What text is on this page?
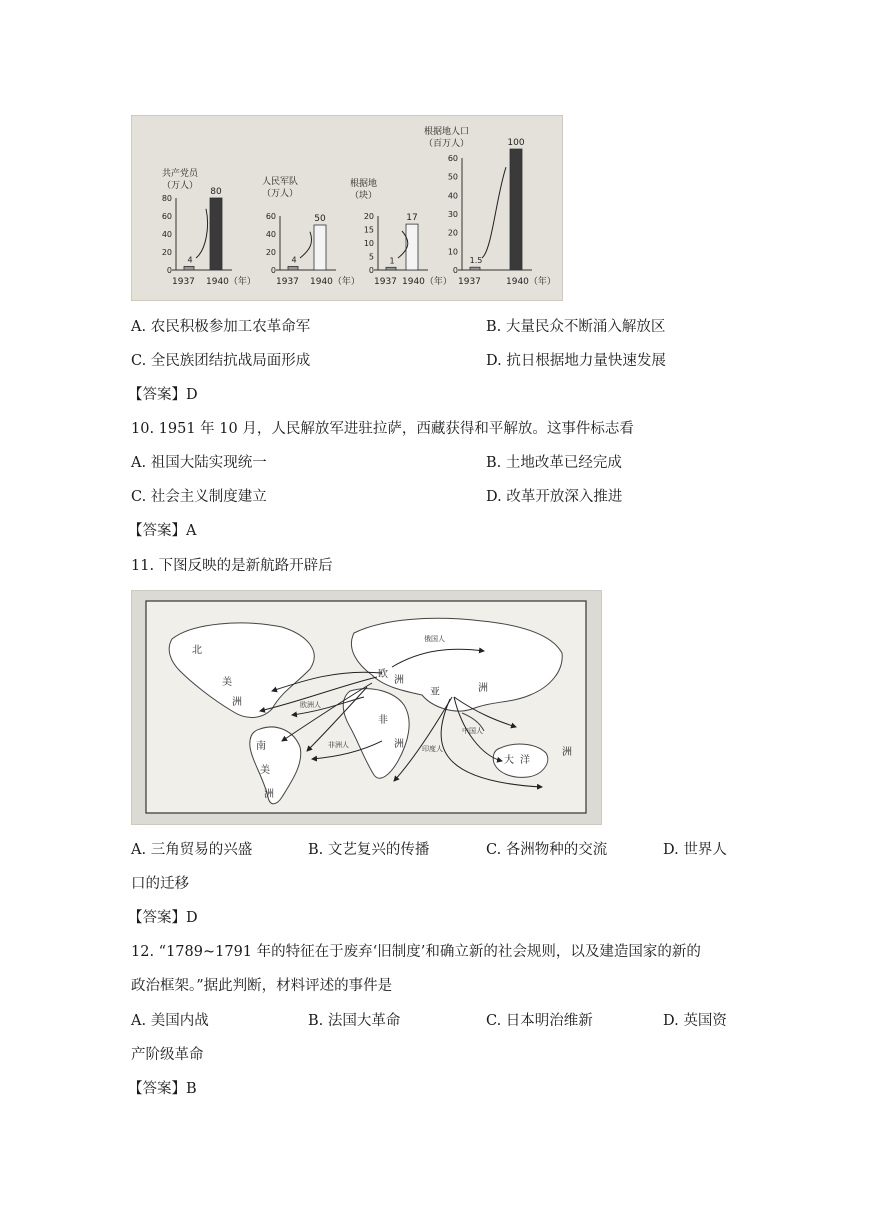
共产党员
（万人）
0
20
40
60
80
4
80
1937 1940（年）
人民军队
（万人）
0
20
40
60
4
50
1937 1940（年）
根据地
（块）
0
5
10
15
20
1
17
1937 1940（年）
根据地人口
（百万人）
0
10
20
30
40
50
60
1.5
100
1937	1940（年）
A. 农民积极参加工农革命军	B. 大量民众不断涌入解放区
C. 全民族团结抗战局面形成	D. 抗日根据地力量快速发展
【答案】D
10. 1951 年 10 月，人民解放军进驻拉萨，西藏获得和平解放。这事件标志看
A. 祖国大陆实现统一	B. 土地改革已经完成
C. 社会主义制度建立	D. 改革开放深入推进
【答案】A
11. 下图反映的是新航路开辟后
北
美
洲
南
美
洲
欧
洲
亚	洲
非
洲
大 洋
洲
俄国人
欧洲人
非洲人	印度人
中国人
A. 三角贸易的兴盛	B. 文艺复兴的传播	C. 各洲物种的交流	D. 世界人
口的迁移
【答案】D
12. “1789~1791 年的特征在于废弃‘旧制度’和确立新的社会规则，以及建造国家的新的
政治框架。”据此判断，材料评述的事件是
A. 美国内战	B. 法国大革命	C. 日本明治维新	D. 英国资
产阶级革命
【答案】B
